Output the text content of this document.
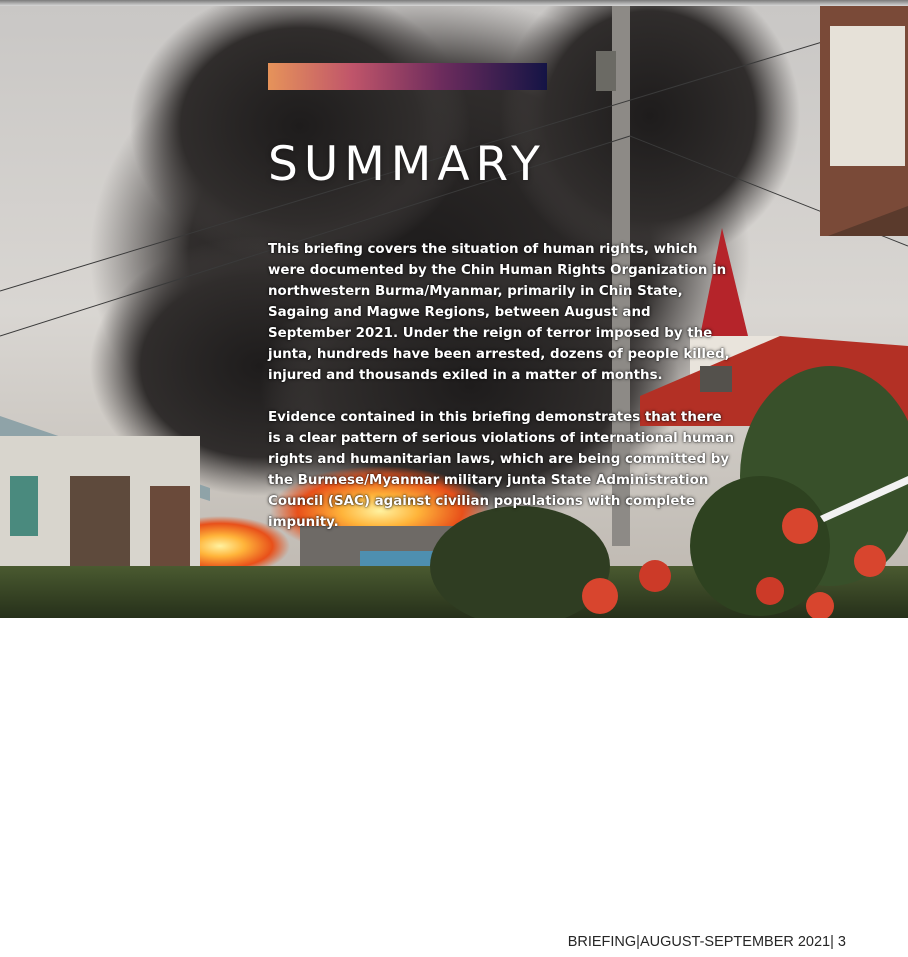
SUMMARY

This briefing covers the situation of human rights, which were documented by the Chin Human Rights Organization in northwestern Burma/Myanmar, primarily in Chin State, Sagaing and Magwe Regions, between August and September 2021. Under the reign of terror imposed by the junta, hundreds have been arrested, dozens of people killed, injured and thousands exiled in a matter of months.

Evidence contained in this briefing demonstrates that there is a clear pattern of serious violations of international human rights and humanitarian laws, which are being committed by the Burmese/Myanmar military junta State Administration Council (SAC) against civilian populations with complete impunity.

BRIEFING|AUGUST-SEPTEMBER 2021| 3
